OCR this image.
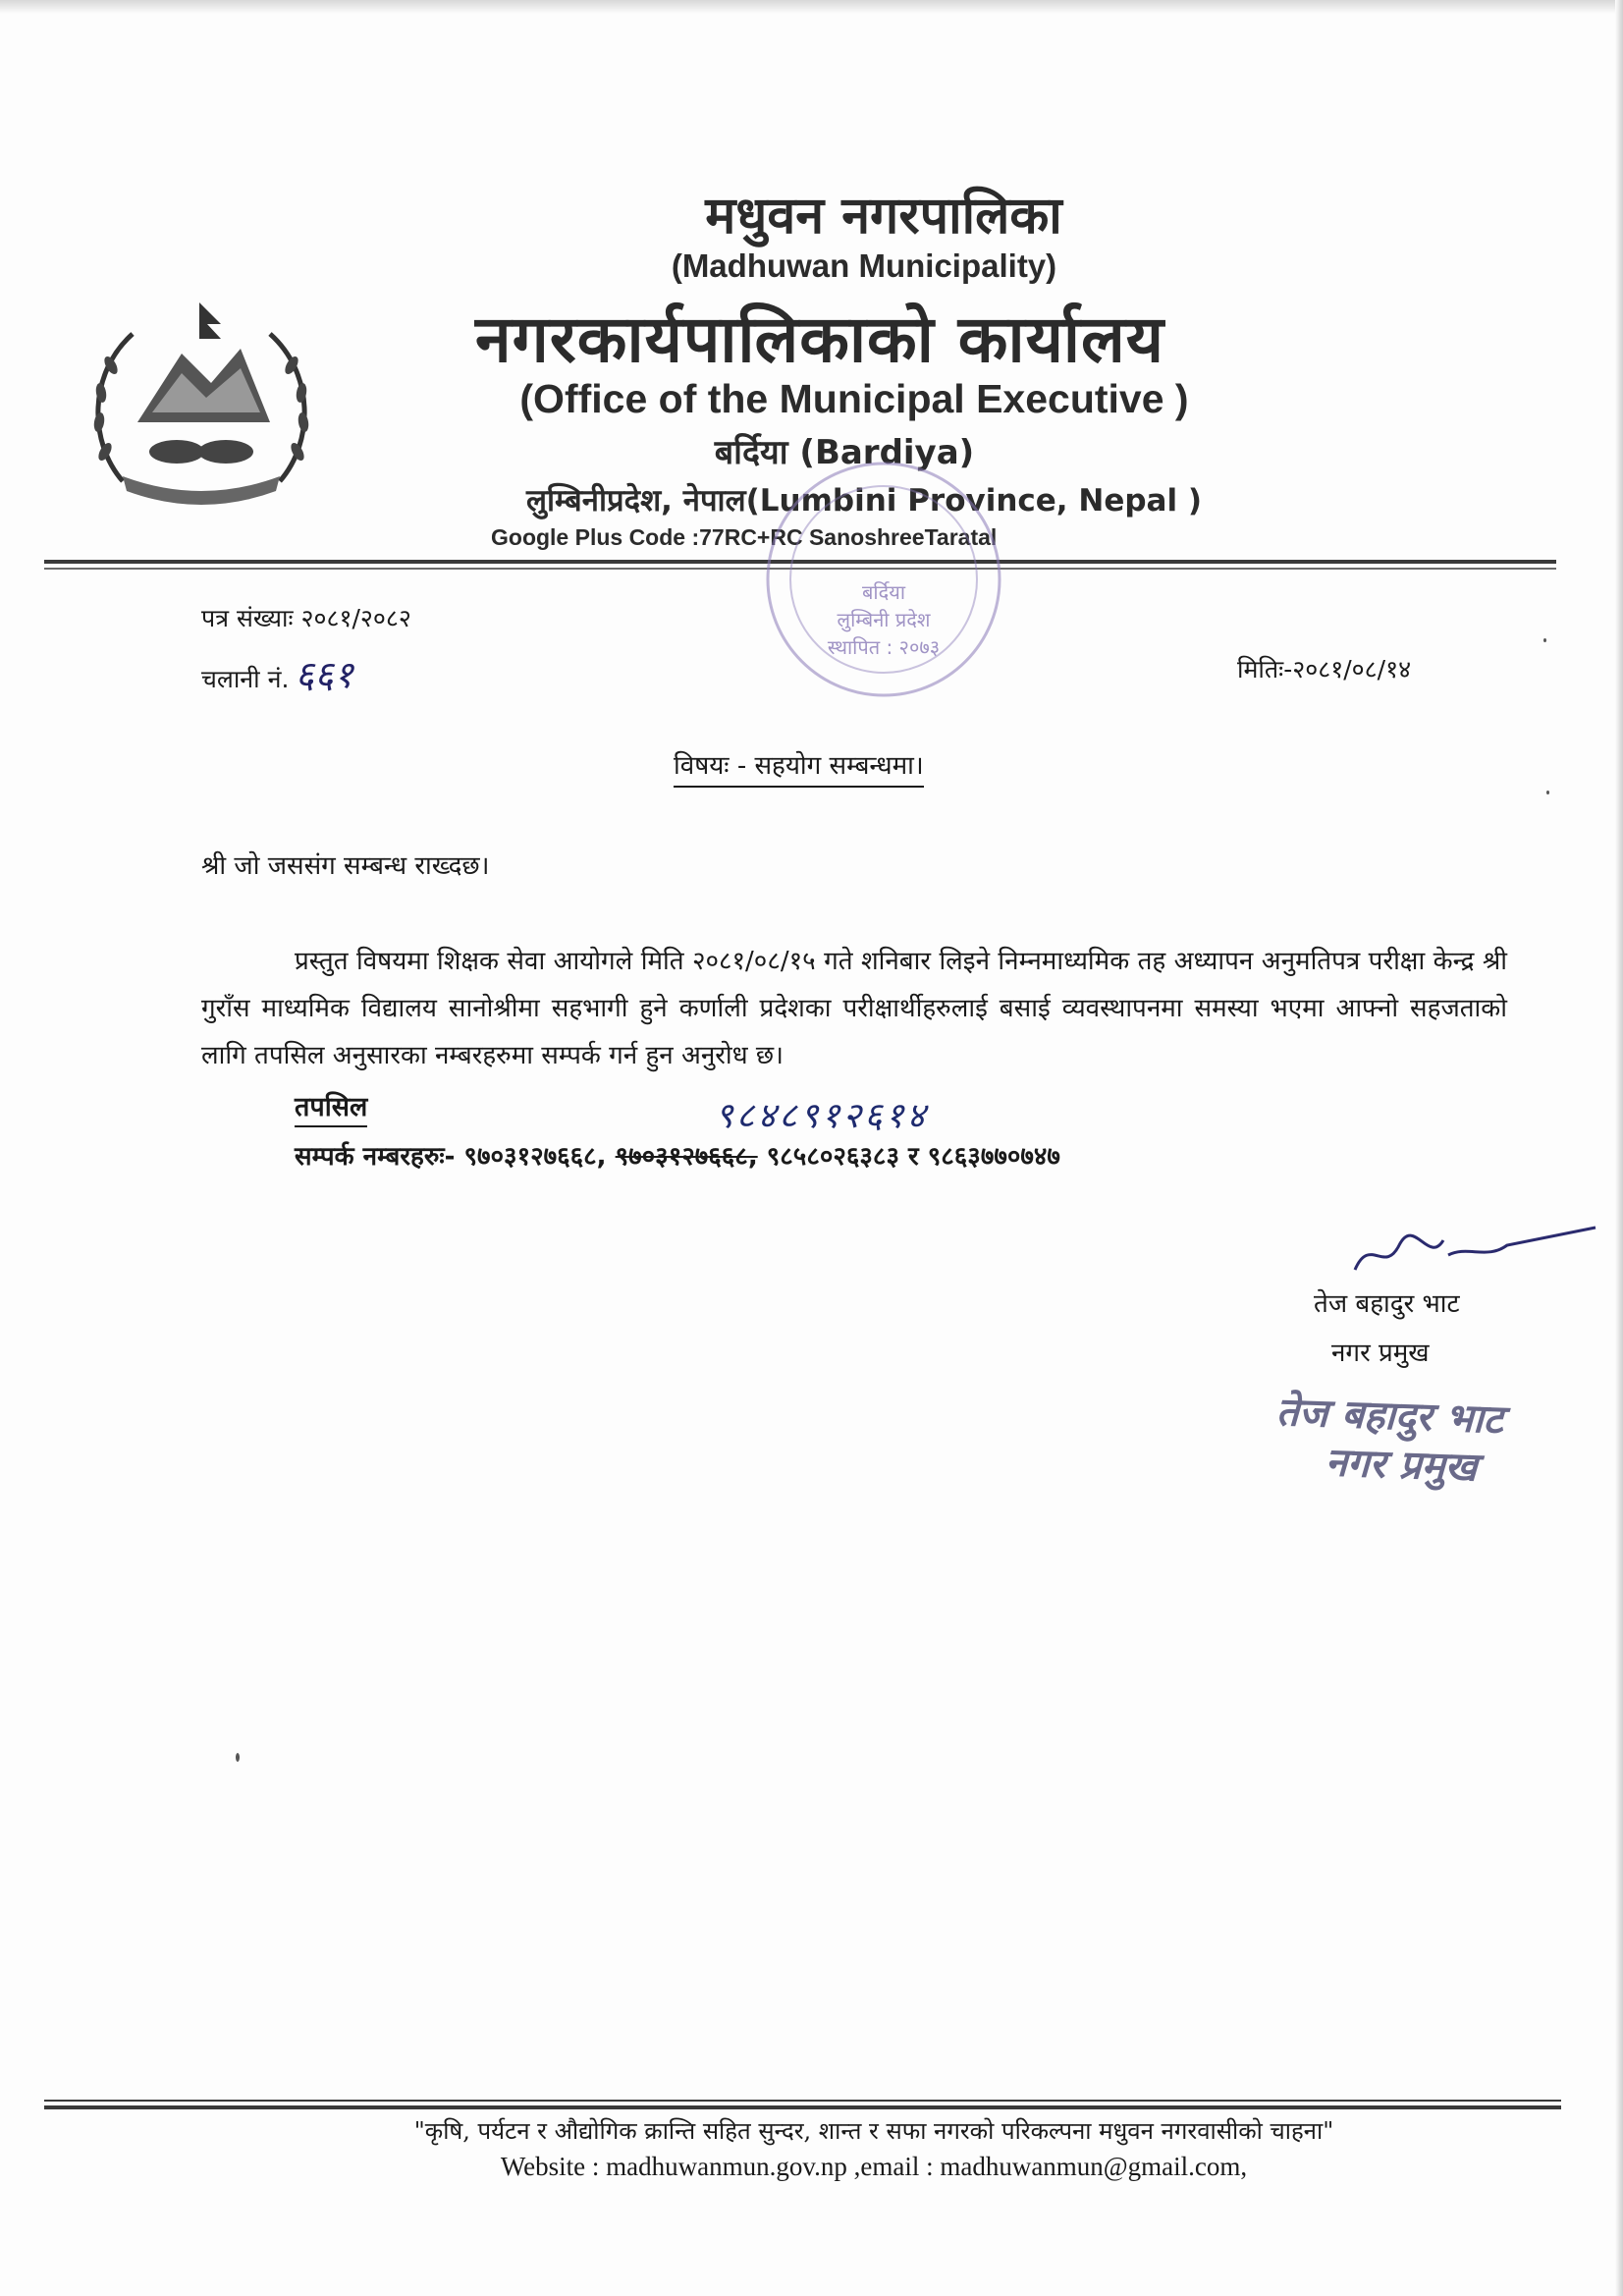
मधुवन नगरपालिका
(Madhuwan Municipality)
नगरकार्यपालिकाको कार्यालय
(Office of the Municipal Executive )
बर्दिया (Bardiya)
लुम्बिनीप्रदेश, नेपाल(Lumbini Province, Nepal )
Google Plus Code :77RC+RC SanoshreeTaratal
बर्दिया
लुम्बिनी प्रदेश
स्थापित : २०७३
पत्र संख्याः २०८१/२०८२
चलानी नं. ६६१	मितिः-२०८१/०८/१४
विषयः - सहयोग सम्बन्धमा।
श्री जो जससंग सम्बन्ध राख्दछ।
प्रस्तुत विषयमा शिक्षक सेवा आयोगले मिति २०८१/०८/१५ गते शनिबार लिइने निम्नमाध्यमिक तह अध्यापन अनुमतिपत्र परीक्षा केन्द्र श्री गुराँस माध्यमिक विद्यालय सानोश्रीमा सहभागी हुने कर्णाली प्रदेशका परीक्षार्थीहरुलाई बसाई व्यवस्थापनमा समस्या भएमा आफ्नो सहजताको लागि तपसिल अनुसारका नम्बरहरुमा सम्पर्क गर्न हुन अनुरोध छ।
तपसिल	९८४८९१२६१४
सम्पर्क नम्बरहरुः- ९७०३१२७६६८, ९७०३१२७६६८, ९८५८०२६३८३ र ९८६३७७०७४७
तेज बहादुर भाट
नगर प्रमुख
तेज बहादुर भाट
नगर प्रमुख
"कृषि, पर्यटन र औद्योगिक क्रान्ति सहित सुन्दर, शान्त र सफा नगरको परिकल्पना मधुवन नगरवासीको चाहना"
Website : madhuwanmun.gov.np ,email : madhuwanmun@gmail.com,
